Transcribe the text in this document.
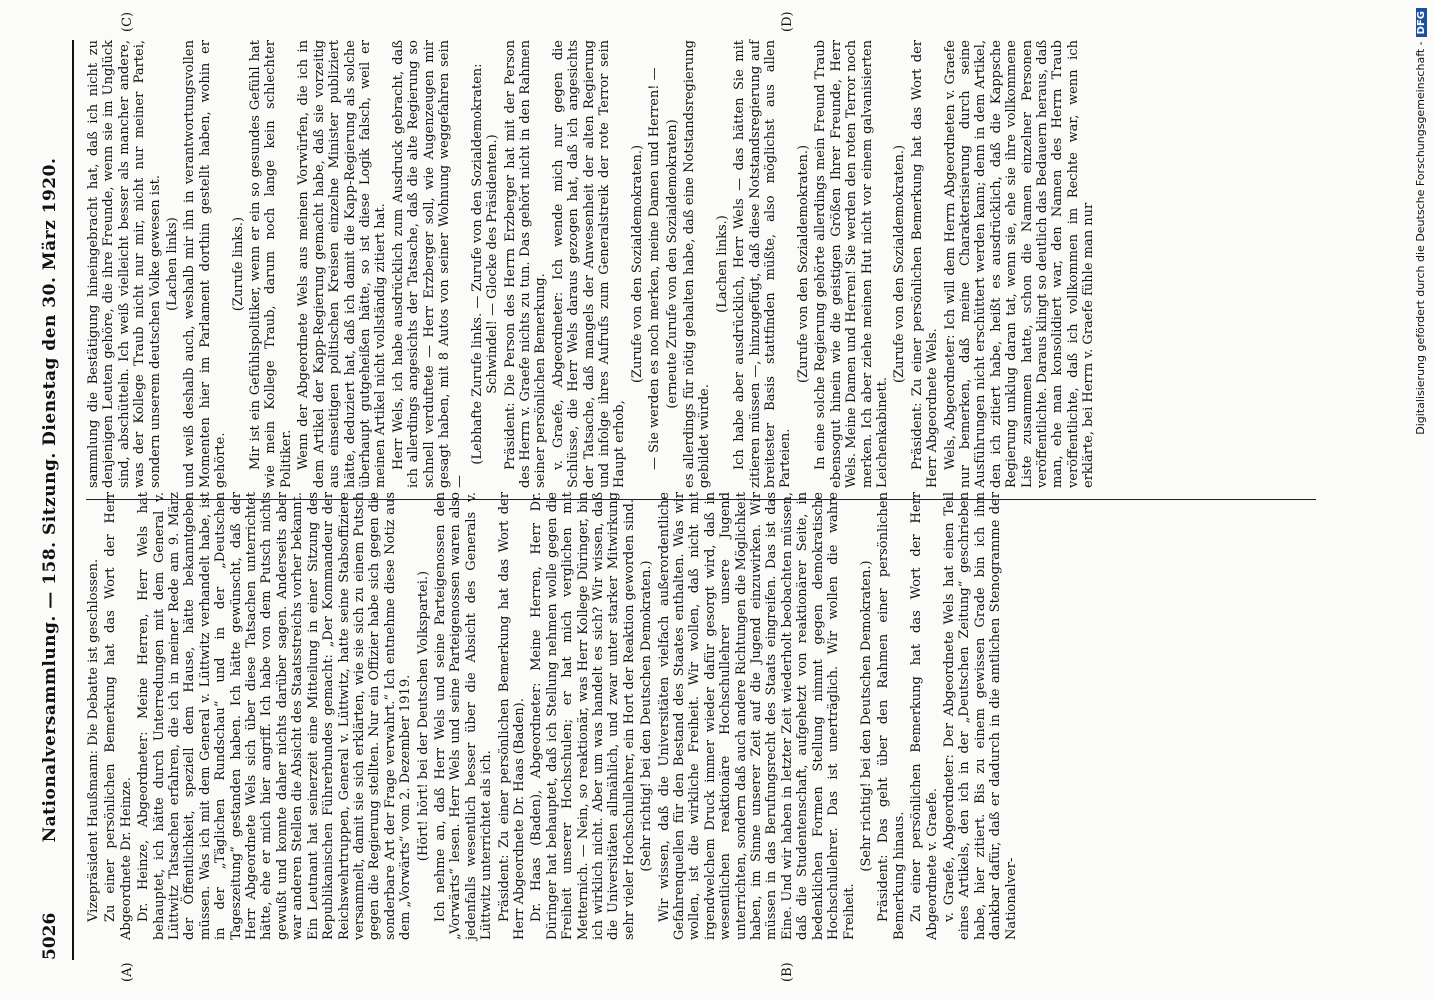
5026
Nationalversammlung. — 158. Sitzung. Dienstag den 30. März 1920.
(A)	(B)
(C)	(D)

Vizepräsident Haußmann: Die Debatte ist geschlossen. Zu einer persönlichen Bemerkung hat das Wort der Herr Abgeordnete Dr. Heinze. Dr. Heinze, Abgeordneter: Meine Herren, Herr Wels hat behauptet, ich hätte durch Unterredungen mit dem General v. Lüttwitz Tatsachen erfahren, die ich in meiner Rede am 9. März der Öffentlichkeit, speziell dem Hause, hätte bekanntgeben müssen. Was ich mit dem General v. Lüttwitz verhandelt habe, ist in der „Täglichen Rundschau“ und in der „Deutschen Tageszeitung“ gestanden haben. Ich hätte gewünscht, daß der Herr Abgeordnete Wels sich über diese Tatsachen unterrichtet hätte, ehe er mich hier angriff. Ich habe von dem Putsch nichts gewußt und konnte daher nichts darüber sagen. Anderseits aber war anderen Stellen die Absicht des Staatsstreichs vorher bekannt. Ein Leutnant hat seinerzeit eine Mitteilung in einer Sitzung des Republikanischen Führerbundes gemacht: „Der Kommandeur der Reichswehrtruppen, General v. Lüttwitz, hatte seine Stabsoffiziere versammelt, damit sie sich erklärten, wie sie sich zu einem Putsch gegen die Regierung stellten. Nur ein Offizier habe sich gegen die sonderbare Art der Frage verwahrt.“ Ich entnehme diese Notiz aus dem „Vorwärts“ vom 2. Dezember 1919. (Hört! hört! bei der Deutschen Volkspartei.) Ich nehme an, daß Herr Wels und seine Parteigenossen den „Vorwärts“ lesen. Herr Wels und seine Parteigenossen waren also jedenfalls wesentlich besser über die Absicht des Generals v. Lüttwitz unterrichtet als ich. Präsident: Zu einer persönlichen Bemerkung hat das Wort der Herr Abgeordnete Dr. Haas (Baden). Dr. Haas (Baden), Abgeordneter: Meine Herren, Herr Dr. Düringer hat behauptet, daß ich Stellung nehmen wolle gegen die Freiheit unserer Hochschulen; er hat mich verglichen mit Metternich. — Nein, so reaktionär, was Herr Kollege Düringer, bin ich wirklich nicht. Aber um was handelt es sich? Wir wissen, daß die Universitäten allmählich, und zwar unter starker Mitwirkung sehr vieler Hochschullehrer, ein Hort der Reaktion geworden sind. (Sehr richtig! bei den Deutschen Demokraten.) Wir wissen, daß die Universitäten vielfach außerordentliche Gefahrenquellen für den Bestand des Staates enthalten. Was wir wollen, ist die wirkliche Freiheit. Wir wollen, daß nicht mit irgendwelchem Druck immer wieder dafür gesorgt wird, daß in wesentlichen reaktionäre Hochschullehrer unsere Jugend unterrichten, sondern daß auch andere Richtungen die Möglichkeit haben, im Sinne unserer Zeit auf die Jugend einzuwirken. Wir müssen in das Berufungsrecht des Staats eingreifen. Das ist das Eine. Und wir haben in letzter Zeit wiederholt beobachten müssen, daß die Studentenschaft, aufgehetzt von reaktionärer Seite, in bedenklichen Formen Stellung nimmt gegen demokratische Hochschullehrer. Das ist unerträglich. Wir wollen die wahre Freiheit.

(Sehr richtig! bei den Deutschen Demokraten.) Präsident: Das geht über den Rahmen einer persönlichen Bemerkung hinaus. Zu einer persönlichen Bemerkung hat das Wort der Herr Abgeordnete v. Graefe. v. Graefe, Abgeordneter: Der Abgeordnete Wels hat einen Teil eines Artikels, den ich in der „Deutschen Zeitung“ geschrieben habe, hier zitiert. Bis zu einem gewissen Grade bin ich ihm dankbar dafür, daß er dadurch in die amtlichen Stenogramme der Nationalver-

sammlung die Bestätigung hineingebracht hat, daß ich nicht zu denjenigen Leuten gehöre, die ihre Freunde, wenn sie im Unglück sind, abschütteln. Ich weiß vielleicht besser als mancher andere, was der Kollege Traub nicht nur mir, nicht nur meiner Partei, sondern unserem deutschen Volke gewesen ist. (Lachen links) und weiß deshalb auch, weshalb mir ihn in verantwortungsvollen Momenten hier im Parlament dorthin gestellt haben, wohin er gehörte.

(Zurufe links.) Mir ist ein Gefühlspolitiker, wenn er ein so gesundes Gefühl hat wie mein Kollege Traub, darum noch lange kein schlechter Politiker. Wenn der Abgeordnete Wels aus meinen Vorwürfen, die ich in dem Artikel der Kapp-Regierung gemacht habe, daß sie vorzeitig aus einseitigen politischen Kreisen einzelne Minister publiziert hätte, deduziert hat, daß ich damit die Kapp-Regierung als solche überhaupt gutgeheißen hätte, so ist diese Logik falsch, weil er meinen Artikel nicht vollständig zitiert hat. Herr Wels, ich habe ausdrücklich zum Ausdruck gebracht, daß ich allerdings angesichts der Tatsache, daß die alte Regierung so schnell verduftete — Herr Erzberger soll, wie Augenzeugen mir gesagt haben, mit 8 Autos von seiner Wohnung weggefahren sein —

(Lebhafte Zurufe links. — Zurufe von den Sozialdemokraten: Schwindel! — Glocke des Präsidenten.) Präsident: Die Person des Herrn Erzberger hat mit der Person des Herrn v. Graefe nichts zu tun. Das gehört nicht in den Rahmen seiner persönlichen Bemerkung. v. Graefe, Abgeordneter: Ich wende mich nur gegen die Schlüsse, die Herr Wels daraus gezogen hat, daß ich angesichts der Tatsache, daß mangels der Anwesenheit der alten Regierung und infolge ihres Aufrufs zum Generalstreik der rote Terror sein Haupt erhob,

(Zurufe von den Sozialdemokraten.) — Sie werden es noch merken, meine Damen und Herren! — (erneute Zurufe von den Sozialdemokraten) es allerdings für nötig gehalten habe, daß eine Notstandsregierung gebildet würde.

(Lachen links.) Ich habe aber ausdrücklich, Herr Wels — das hätten Sie mit zitieren müssen —, hinzugefügt, daß diese Notstandsregierung auf breitester Basis stattfinden müßte, also möglichst aus allen Parteien.

(Zurufe von den Sozialdemokraten.) In eine solche Regierung gehörte allerdings mein Freund Traub ebensogut hinein wie die geistigen Größen Ihrer Freunde, Herr Wels. Meine Damen und Herren! Sie werden den roten Terror noch merken. Ich aber ziehe meinen Hut nicht vor einem galvanisierten Leichenkabinett.

(Zurufe von den Sozialdemokraten.) Präsident: Zu einer persönlichen Bemerkung hat das Wort der Herr Abgeordnete Wels. Wels, Abgeordneter: Ich will dem Herrn Abgeordneten v. Graefe nur bemerken, daß meine Charakterisierung durch seine Ausführungen nicht erschüttert werden kann; denn in dem Artikel, den ich zitiert habe, heißt es ausdrücklich, daß die Kappsche Regierung unklug daran tat, wenn sie, ehe sie ihre vollkommene Liste zusammen hatte, schon die Namen einzelner Personen veröffentlichte. Daraus klingt so deutlich das Bedauern heraus, daß man, ehe man konsolidiert war, den Namen des Herrn Traub veröffentlichte, daß ich vollkommen im Rechte war, wenn ich erklärte, bei Herrn v. Graefe fühle man nur	Digitalisierung gefördert durch die Deutsche Forschungsgemeinschaft -DFG
